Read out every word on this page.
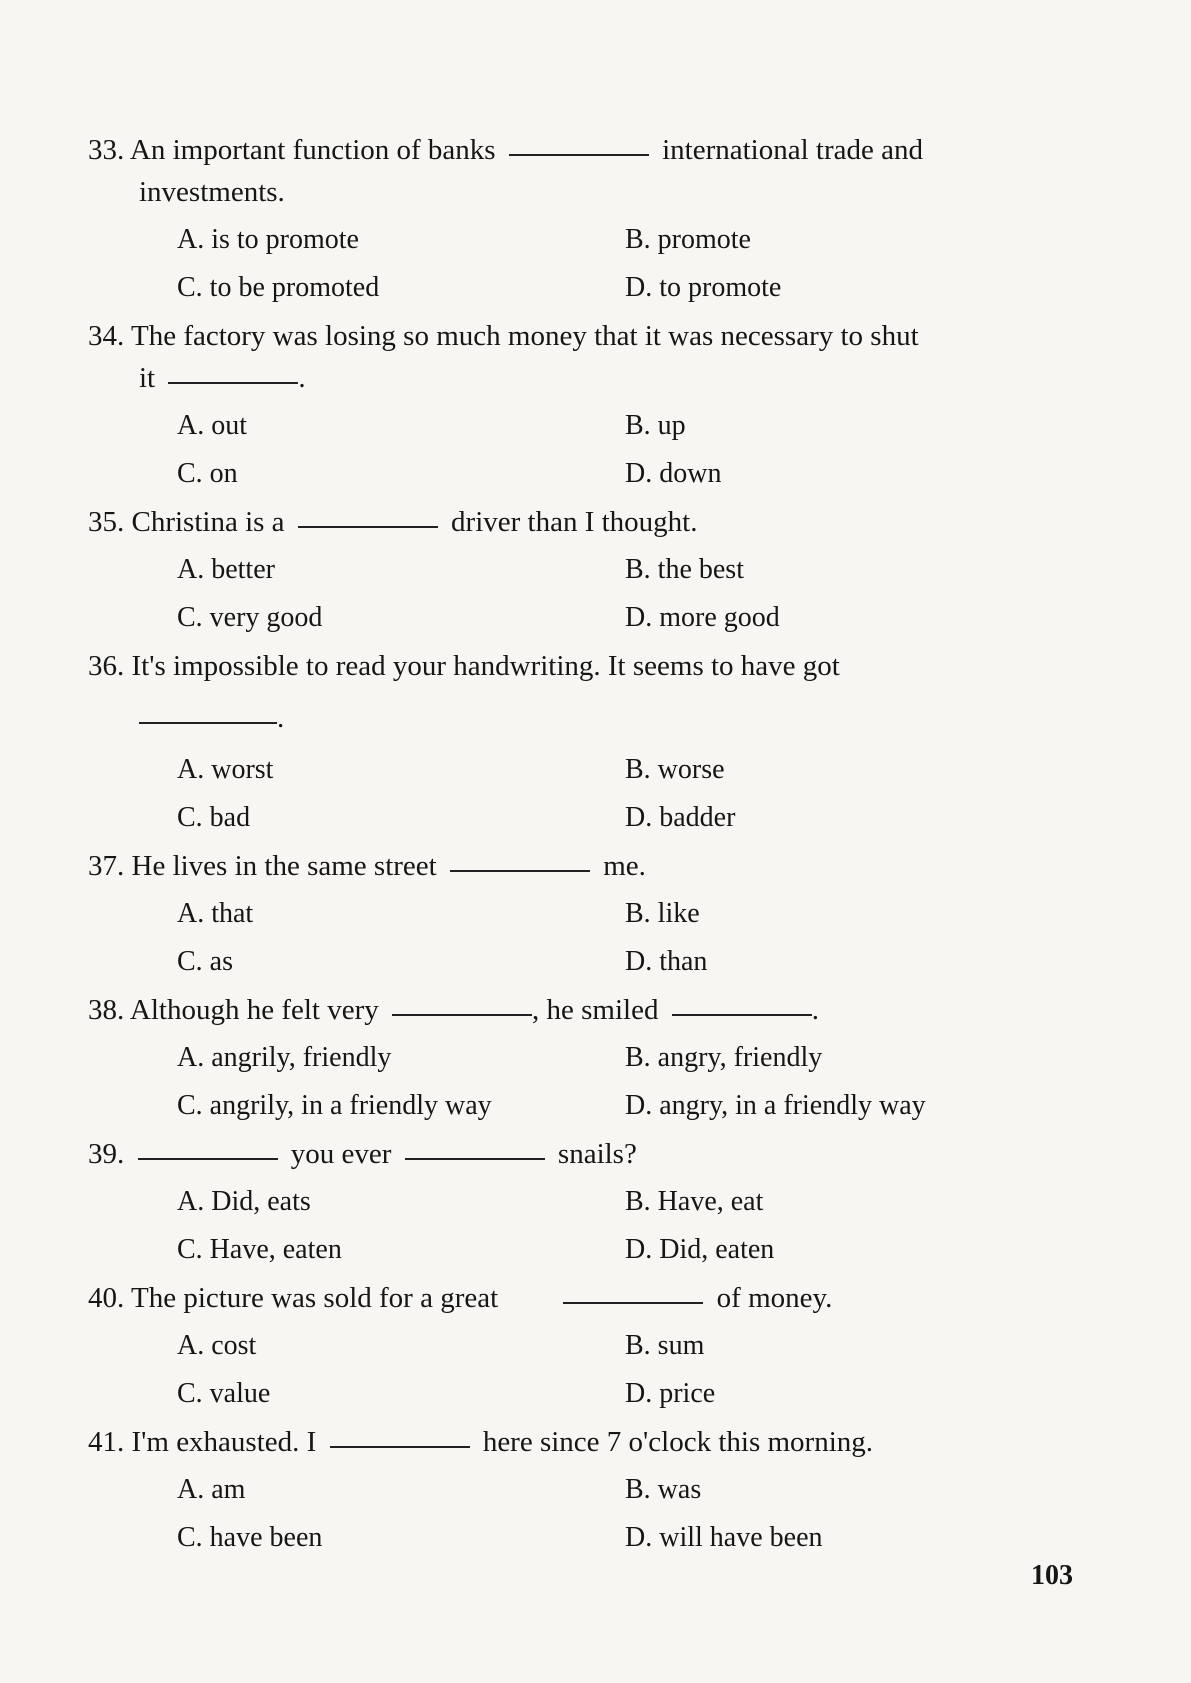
33. An important function of banks	international trade and
investments.
A. is to promote	B. promote
C. to be promoted	D. to promote
34. The factory was losing so much money that it was necessary to shut
it	.
A. out	B. up
C. on	D. down
35. Christina is a	driver than I thought.
A. better	B. the best
C. very good	D. more good
36. It's impossible to read your handwriting. It seems to have got
.
A. worst	B. worse
C. bad	D. badder
37. He lives in the same street	me.
A. that	B. like
C. as	D. than
38. Although he felt very	, he smiled	.
A. angrily, friendly	B. angry, friendly
C. angrily, in a friendly way	D. angry, in a friendly way
39.	you ever	snails?
A. Did, eats	B. Have, eat
C. Have, eaten	D. Did, eaten
40. The picture was sold for a great	of money.
A. cost	B. sum
C. value	D. price
41. I'm exhausted. I	here since 7 o'clock this morning.
A. am	B. was
C. have been	D. will have been
103
